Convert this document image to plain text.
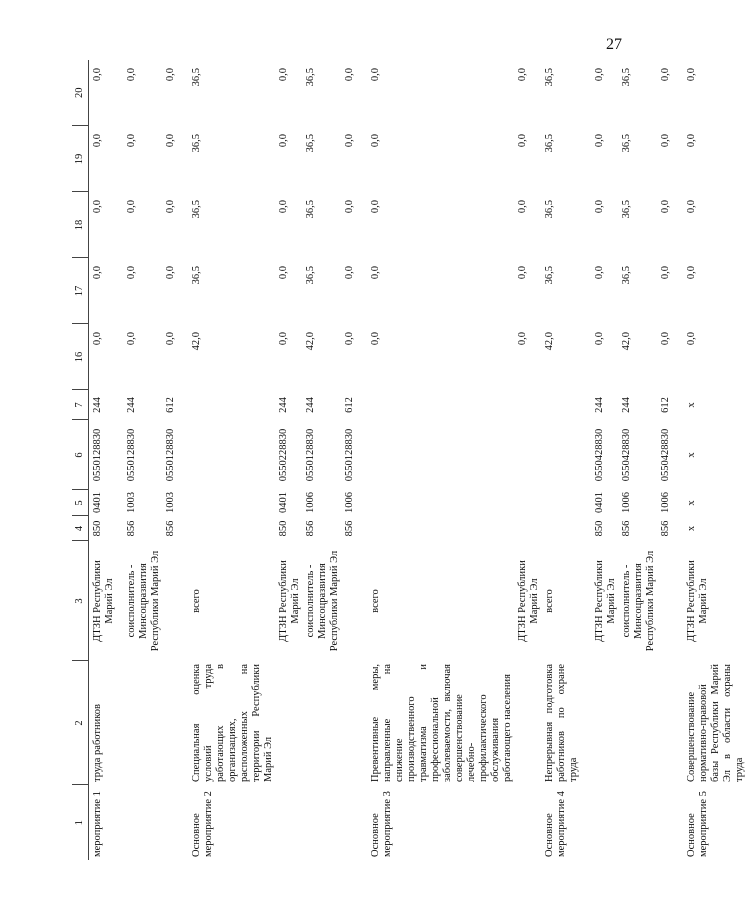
27
1	2	3	4	5	6	7	16	17	18	19	20
мероприятие 1	труда работников	ДТЗН Республики Марий Эл	850	0401	0550128830	244	0,0	0,0	0,0	0,0	0,0
		соисполнитель - Минсоцразвития Республики Марий Эл	856	1003	0550128830	244	0,0	0,0	0,0	0,0	0,0
			856	1003	0550128830	612	0,0	0,0	0,0	0,0	0,0
Основное мероприятие 2	Специальная оценка условий труда работающих в организациях, расположенных на территории Республики Марий Эл	всего					42,0	36,5	36,5	36,5	36,5
		ДТЗН Республики Марий Эл	850	0401	0550228830	244	0,0	0,0	0,0	0,0	0,0
		соисполнитель - Минсоцразвития Республики Марий Эл	856	1006	0550128830	244	42,0	36,5	36,5	36,5	36,5
			856	1006	0550128830	612	0,0	0,0	0,0	0,0	0,0
Основное мероприятие 3	Превентивные меры, направленные на снижение производственного травматизма и профессиональной заболеваемости, включая совершенствование лечебно-профилактического обслуживания работающего населения	всего					0,0	0,0	0,0	0,0	0,0
		ДТЗН Республики Марий Эл					0,0	0,0	0,0	0,0	0,0
Основное мероприятие 4	Непрерывная подготовка работников по охране труда	всего					42,0	36,5	36,5	36,5	36,5
		ДТЗН Республики Марий Эл	850	0401	0550428830	244	0,0	0,0	0,0	0,0	0,0
		соисполнитель - Минсоцразвития Республики Марий Эл	856	1006	0550428830	244	42,0	36,5	36,5	36,5	36,5
			856	1006	0550428830	612	0,0	0,0	0,0	0,0	0,0
Основное мероприятие 5	Совершенствование нормативно-правовой базы Республики Марий Эл в области охраны труда	ДТЗН Республики Марий Эл	x	x	x	x	0,0	0,0	0,0	0,0	0,0
